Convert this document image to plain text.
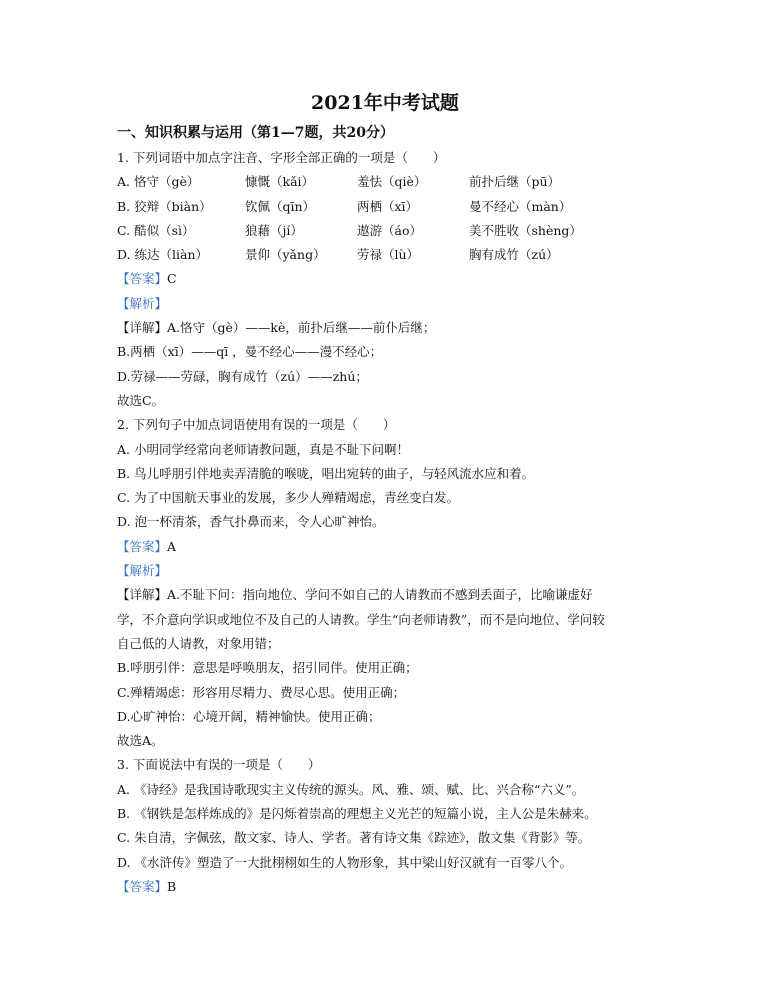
2021年中考试题
一、知识积累与运用（第1—7题，共20分）
1. 下列词语中加点字注音、字形全部正确的一项是（　　）
A. 恪守（gè）	慷慨（kǎi）	羞怯（qiè）	前扑后继（pū）
B. 狡辩（biàn）	钦佩（qīn）	两栖（xī）	曼不经心（màn）
C. 酷似（sì）	狼藉（jí）	遨游（áo）	美不胜收（shèng）
D. 练达（liàn）	景仰（yǎng）	劳禄（lù）	胸有成竹（zú）
【答案】C
【解析】
【详解】A.恪守（gè）——kè，前扑后继——前仆后继；
B.两栖（xī）——qī ，曼不经心——漫不经心；
D.劳禄——劳碌，胸有成竹（zú）——zhú；
故选C。
2. 下列句子中加点词语使用有误的一项是（　　）
A. 小明同学经常向老师请教问题，真是不耻下问啊！
B. 鸟儿呼朋引伴地卖弄清脆的喉咙，唱出宛转的曲子，与轻风流水应和着。
C. 为了中国航天事业的发展，多少人殚精竭虑，青丝变白发。
D. 泡一杯清茶，香气扑鼻而来，令人心旷神怡。
【答案】A
【解析】
【详解】A.不耻下问：指向地位、学问不如自己的人请教而不感到丢面子，比喻谦虚好
学，不介意向学识或地位不及自己的人请教。学生“向老师请教”，而不是向地位、学问较
自己低的人请教，对象用错；
B.呼朋引伴：意思是呼唤朋友，招引同伴。使用正确；
C.殚精竭虑：形容用尽精力、费尽心思。使用正确；
D.心旷神怡：心境开阔，精神愉快。使用正确；
故选A。
3. 下面说法中有误的一项是（　　）
A. 《诗经》是我国诗歌现实主义传统的源头。风、雅、颂、赋、比、兴合称“六义”。
B. 《钢铁是怎样炼成的》是闪烁着崇高的理想主义光芒的短篇小说，主人公是朱赫来。
C. 朱自清，字佩弦，散文家、诗人、学者。著有诗文集《踪迹》，散文集《背影》等。
D. 《水浒传》塑造了一大批栩栩如生的人物形象，其中梁山好汉就有一百零八个。
【答案】B
